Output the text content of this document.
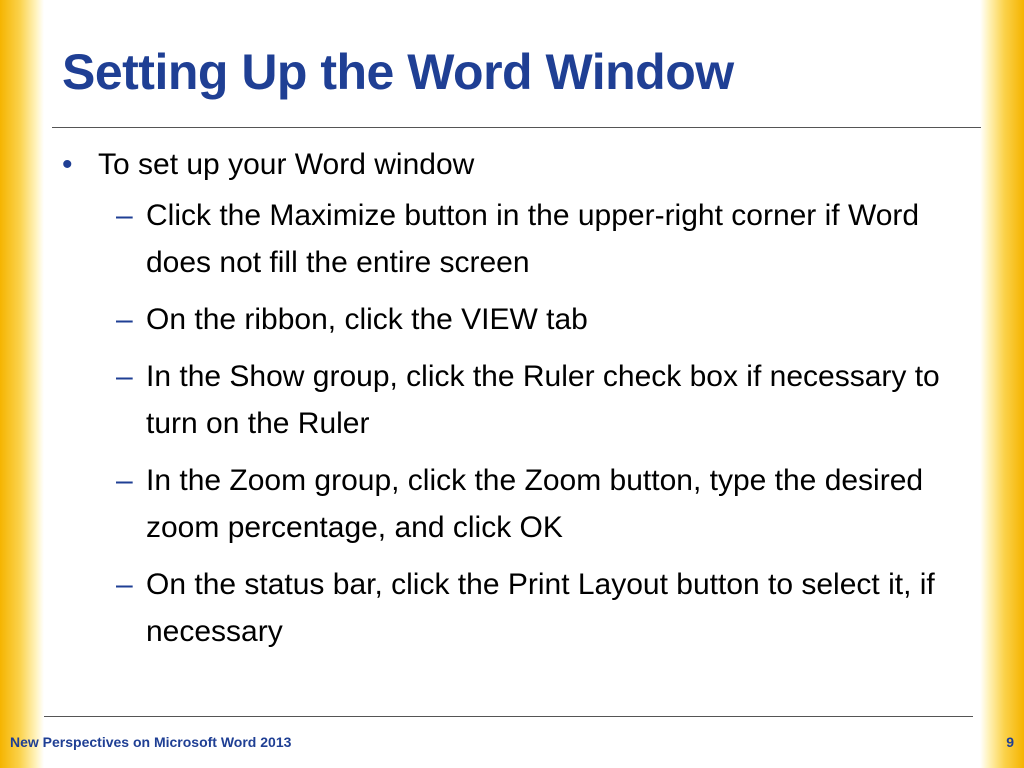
Setting Up the Word Window
• To set up your Word window
– Click the Maximize button in the upper-right corner if Word does not fill the entire screen
– On the ribbon, click the VIEW tab
– In the Show group, click the Ruler check box if necessary to turn on the Ruler
– In the Zoom group, click the Zoom button, type the desired zoom percentage, and click OK
– On the status bar, click the Print Layout button to select it, if necessary
New Perspectives on Microsoft Word 2013	9
